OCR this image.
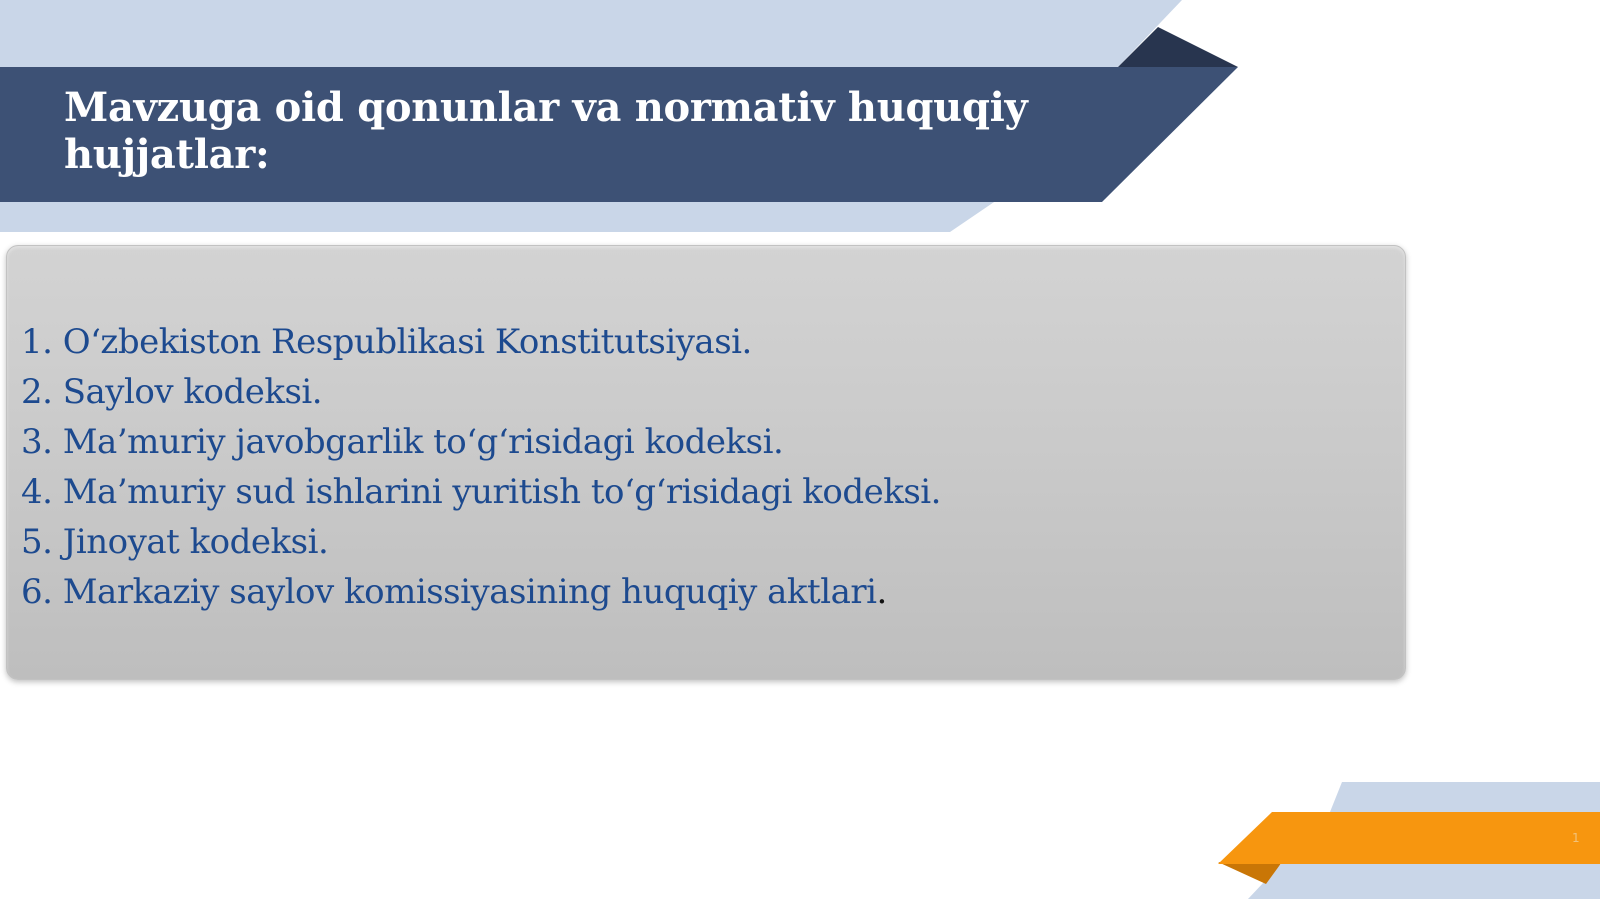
Mavzuga oid qonunlar va normativ huquqiy hujjatlar:
1. O‘zbekiston Respublikasi Konstitutsiyasi.
2. Saylov kodeksi.
3. Ma’muriy javobgarlik to‘g‘risidagi kodeksi.
4. Ma’muriy sud ishlarini yuritish to‘g‘risidagi kodeksi.
5. Jinoyat kodeksi.
6. Markaziy saylov komissiyasining huquqiy aktlari.
1
